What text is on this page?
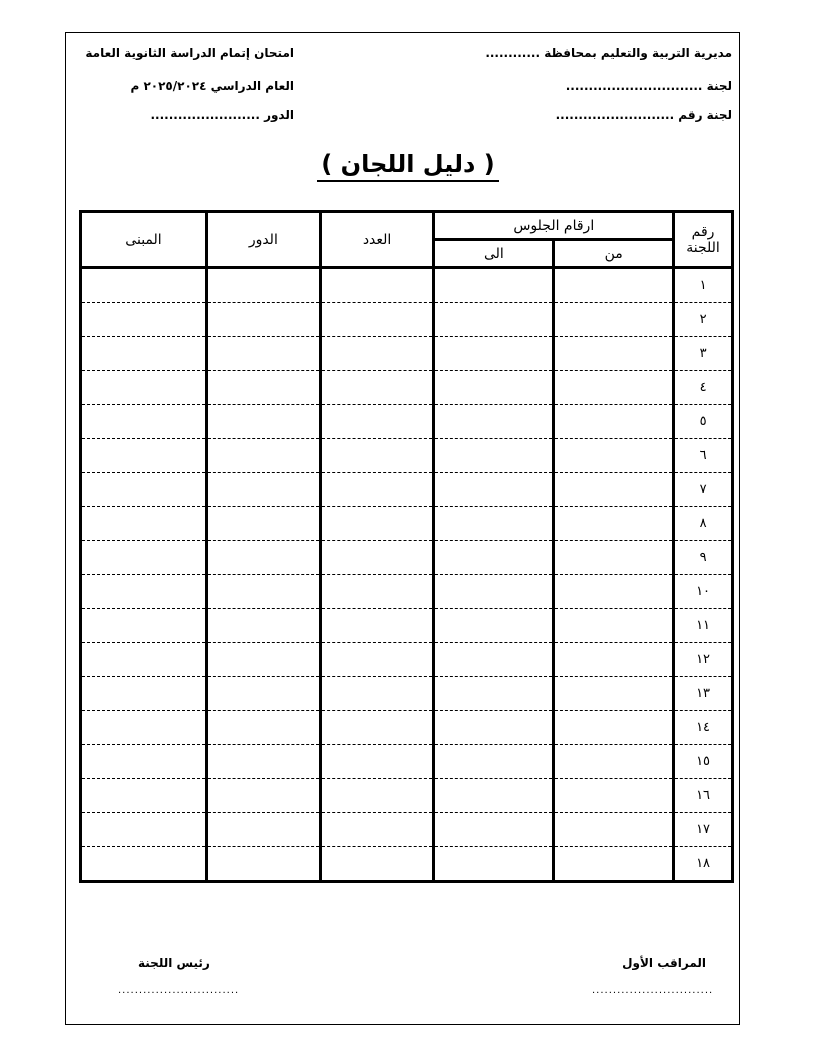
مديرية التربية والتعليم بمحافظة ............
لجنة ..............................
لجنة رقم ..........................
امتحان إتمام الدراسة الثانوية العامة
العام الدراسي ٢٠٢٥/٢٠٢٤ م
الدور ........................
( دليل اللجان )
رقم
اللجنة	ارقام الجلوس		العدد	الدور	المبنى
	من	الى			
١					
٢					
٣					
٤					
٥					
٦					
٧					
٨					
٩					
١٠					
١١					
١٢					
١٣					
١٤					
١٥					
١٦					
١٧					
١٨					
المراقب الأول
.............................
رئيس اللجنة
.............................
